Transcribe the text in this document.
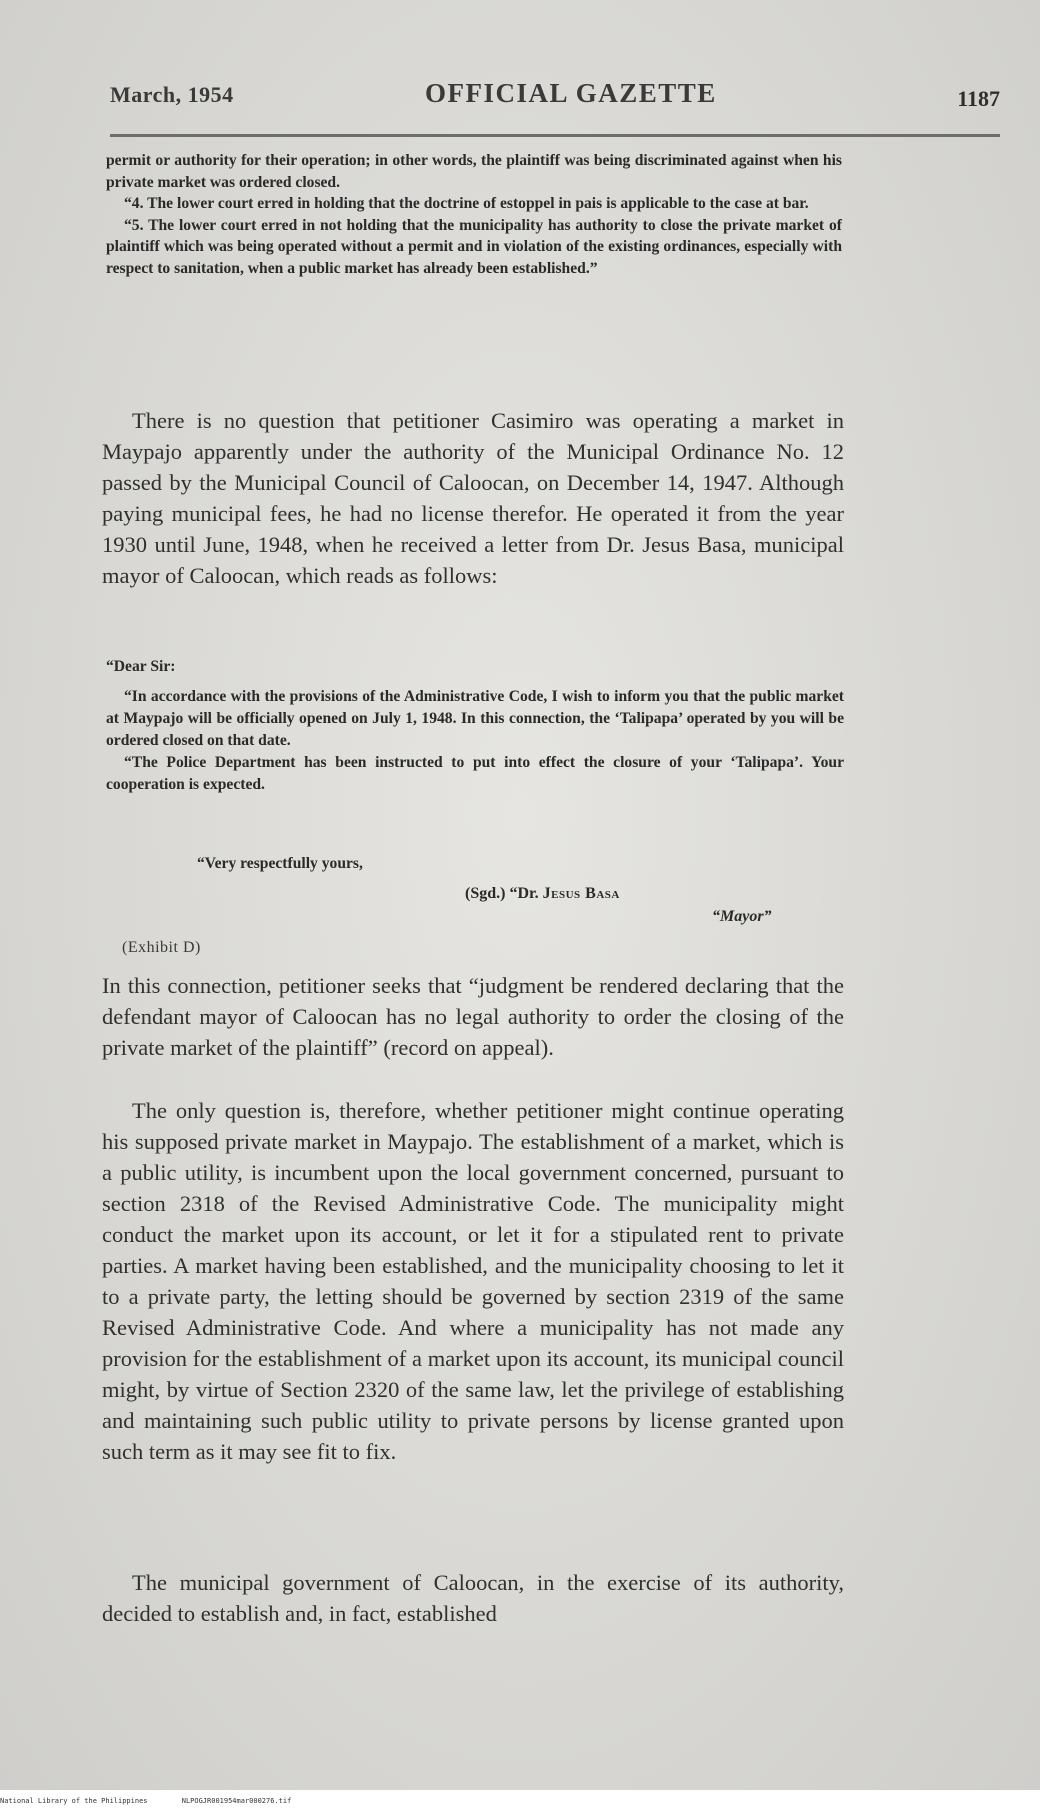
March, 1954	OFFICIAL GAZETTE	1187

permit or authority for their operation; in other words, the plaintiff was being discriminated against when his private market was ordered closed.

“4. The lower court erred in holding that the doctrine of estoppel in pais is applicable to the case at bar.

“5. The lower court erred in not holding that the municipality has authority to close the private market of plaintiff which was being operated without a permit and in violation of the existing ordinances, especially with respect to sanitation, when a public market has already been established.”

There is no question that petitioner Casimiro was operating a market in Maypajo apparently under the authority of the Municipal Ordinance No. 12 passed by the Municipal Council of Caloocan, on December 14, 1947. Although paying municipal fees, he had no license therefor. He operated it from the year 1930 until June, 1948, when he received a letter from Dr. Jesus Basa, municipal mayor of Caloocan, which reads as follows:

“Dear Sir:

“In accordance with the provisions of the Administrative Code, I wish to inform you that the public market at Maypajo will be officially opened on July 1, 1948. In this connection, the ‘Talipapa’ operated by you will be ordered closed on that date.

“The Police Department has been instructed to put into effect the closure of your ‘Talipapa’. Your cooperation is expected.

“Very respectfully yours,
(Sgd.) “Dr. Jesus Basa
“Mayor”
(Exhibit D)

In this connection, petitioner seeks that “judgment be rendered declaring that the defendant mayor of Caloocan has no legal authority to order the closing of the private market of the plaintiff” (record on appeal).

The only question is, therefore, whether petitioner might continue operating his supposed private market in Maypajo. The establishment of a market, which is a public utility, is incumbent upon the local government concerned, pursuant to section 2318 of the Revised Administrative Code. The municipality might conduct the market upon its account, or let it for a stipulated rent to private parties. A market having been established, and the municipality choosing to let it to a private party, the letting should be governed by section 2319 of the same Revised Administrative Code. And where a municipality has not made any provision for the establishment of a market upon its account, its municipal council might, by virtue of Section 2320 of the same law, let the privilege of establishing and maintaining such public utility to private persons by license granted upon such term as it may see fit to fix.

The municipal government of Caloocan, in the exercise of its authority, decided to establish and, in fact, established

National Library of the Philippines	NLPOGJR001954mar000276.tif
